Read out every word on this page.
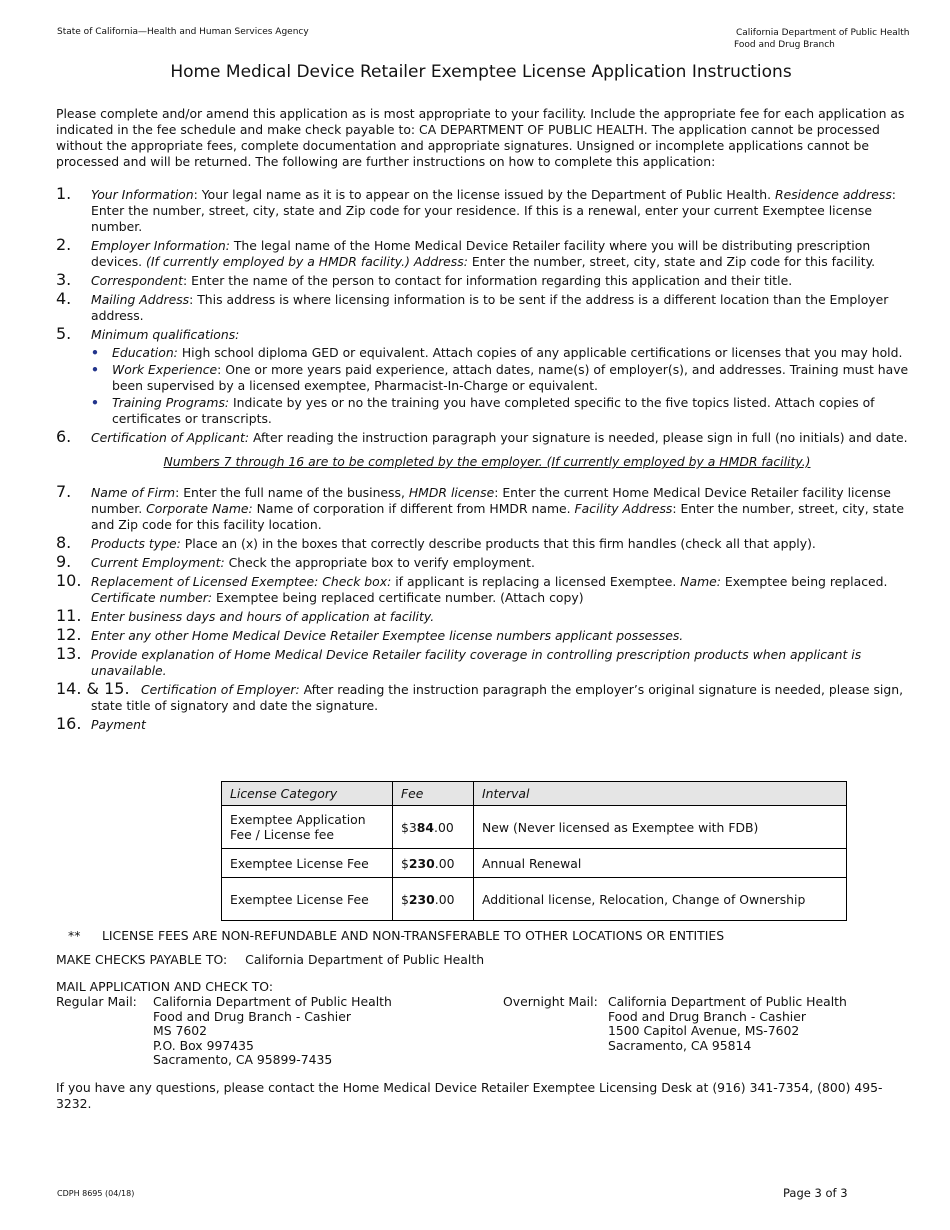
State of California—Health and Human Services Agency	California Department of Public Health
Food and Drug Branch
Home Medical Device Retailer Exemptee License Application Instructions
Please complete and/or amend this application as is most appropriate to your facility. Include the appropriate fee for each application as indicated in the fee schedule and make check payable to: CA DEPARTMENT OF PUBLIC HEALTH. The application cannot be processed without the appropriate fees, complete documentation and appropriate signatures. Unsigned or incomplete applications cannot be processed and will be returned. The following are further instructions on how to complete this application:
1. Your Information: Your legal name as it is to appear on the license issued by the Department of Public Health. Residence address: Enter the number, street, city, state and Zip code for your residence. If this is a renewal, enter your current Exemptee license number.
2. Employer Information: The legal name of the Home Medical Device Retailer facility where you will be distributing prescription devices. (If currently employed by a HMDR facility.) Address: Enter the number, street, city, state and Zip code for this facility.
3. Correspondent: Enter the name of the person to contact for information regarding this application and their title.
4. Mailing Address: This address is where licensing information is to be sent if the address is a different location than the Employer address.
5. Minimum qualifications:
• Education: High school diploma GED or equivalent. Attach copies of any applicable certifications or licenses that you may hold.
• Work Experience: One or more years paid experience, attach dates, name(s) of employer(s), and addresses. Training must have been supervised by a licensed exemptee, Pharmacist-In-Charge or equivalent.
• Training Programs: Indicate by yes or no the training you have completed specific to the five topics listed. Attach copies of certificates or transcripts.
6. Certification of Applicant: After reading the instruction paragraph your signature is needed, please sign in full (no initials) and date.
Numbers 7 through 16 are to be completed by the employer. (If currently employed by a HMDR facility.)
7. Name of Firm: Enter the full name of the business, HMDR license: Enter the current Home Medical Device Retailer facility license number. Corporate Name: Name of corporation if different from HMDR name. Facility Address: Enter the number, street, city, state and Zip code for this facility location.
8. Products type: Place an (x) in the boxes that correctly describe products that this firm handles (check all that apply).
9. Current Employment: Check the appropriate box to verify employment.
10. Replacement of Licensed Exemptee: Check box: if applicant is replacing a licensed Exemptee. Name: Exemptee being replaced. Certificate number: Exemptee being replaced certificate number. (Attach copy)
11. Enter business days and hours of application at facility.
12. Enter any other Home Medical Device Retailer Exemptee license numbers applicant possesses.
13. Provide explanation of Home Medical Device Retailer facility coverage in controlling prescription products when applicant is unavailable.
14. & 15. Certification of Employer: After reading the instruction paragraph the employer’s original signature is needed, please sign, state title of signatory and date the signature.
16. Payment
License Category	Fee	Interval
Exemptee Application Fee / License fee	$384.00	New (Never licensed as Exemptee with FDB)
Exemptee License Fee	$230.00	Annual Renewal
Exemptee License Fee	$230.00	Additional license, Relocation, Change of Ownership
** LICENSE FEES ARE NON-REFUNDABLE AND NON-TRANSFERABLE TO OTHER LOCATIONS OR ENTITIES
MAKE CHECKS PAYABLE TO: California Department of Public Health
MAIL APPLICATION AND CHECK TO:
Regular Mail: California Department of Public Health
Food and Drug Branch - Cashier
MS 7602
P.O. Box 997435
Sacramento, CA 95899-7435
Overnight Mail: California Department of Public Health
Food and Drug Branch - Cashier
1500 Capitol Avenue, MS-7602
Sacramento, CA 95814
If you have any questions, please contact the Home Medical Device Retailer Exemptee Licensing Desk at (916) 341-7354, (800) 495-3232.
CDPH 8695 (04/18)	Page 3 of 3
